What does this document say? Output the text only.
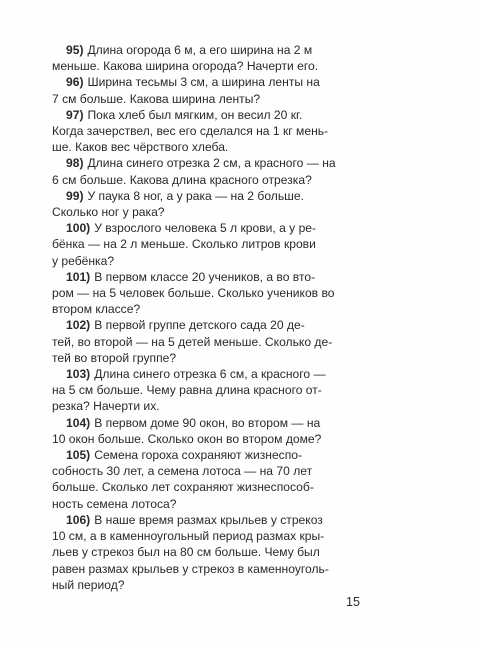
95) Длина огорода 6 м, а его ширина на 2 м
меньше. Какова ширина огорода? Начерти его.
96) Ширина тесьмы 3 см, а ширина ленты на
7 см больше. Какова ширина ленты?
97) Пока хлеб был мягким, он весил 20 кг.
Когда зачерствел, вес его сделался на 1 кг мень-
ше. Каков вес чёрствого хлеба.
98) Длина синего отрезка 2 см, а красного — на
6 см больше. Какова длина красного отрезка?
99) У паука 8 ног, а у рака — на 2 больше.
Сколько ног у рака?
100) У взрослого человека 5 л крови, а у ре-
бёнка — на 2 л меньше. Сколько литров крови
у ребёнка?
101) В первом классе 20 учеников, а во вто-
ром — на 5 человек больше. Сколько учеников во
втором классе?
102) В первой группе детского сада 20 де-
тей, во второй — на 5 детей меньше. Сколько де-
тей во второй группе?
103) Длина синего отрезка 6 см, а красного —
на 5 см больше. Чему равна длина красного от-
резка? Начерти их.
104) В первом доме 90 окон, во втором — на
10 окон больше. Сколько окон во втором доме?
105) Семена гороха сохраняют жизнеспо-
собность 30 лет, а семена лотоса — на 70 лет
больше. Сколько лет сохраняют жизнеспособ-
ность семена лотоса?
106) В наше время размах крыльев у стрекоз
10 см, а в каменноугольный период размах кры-
льев у стрекоз был на 80 см больше. Чему был
равен размах крыльев у стрекоз в каменноуголь-
ный период?
15
